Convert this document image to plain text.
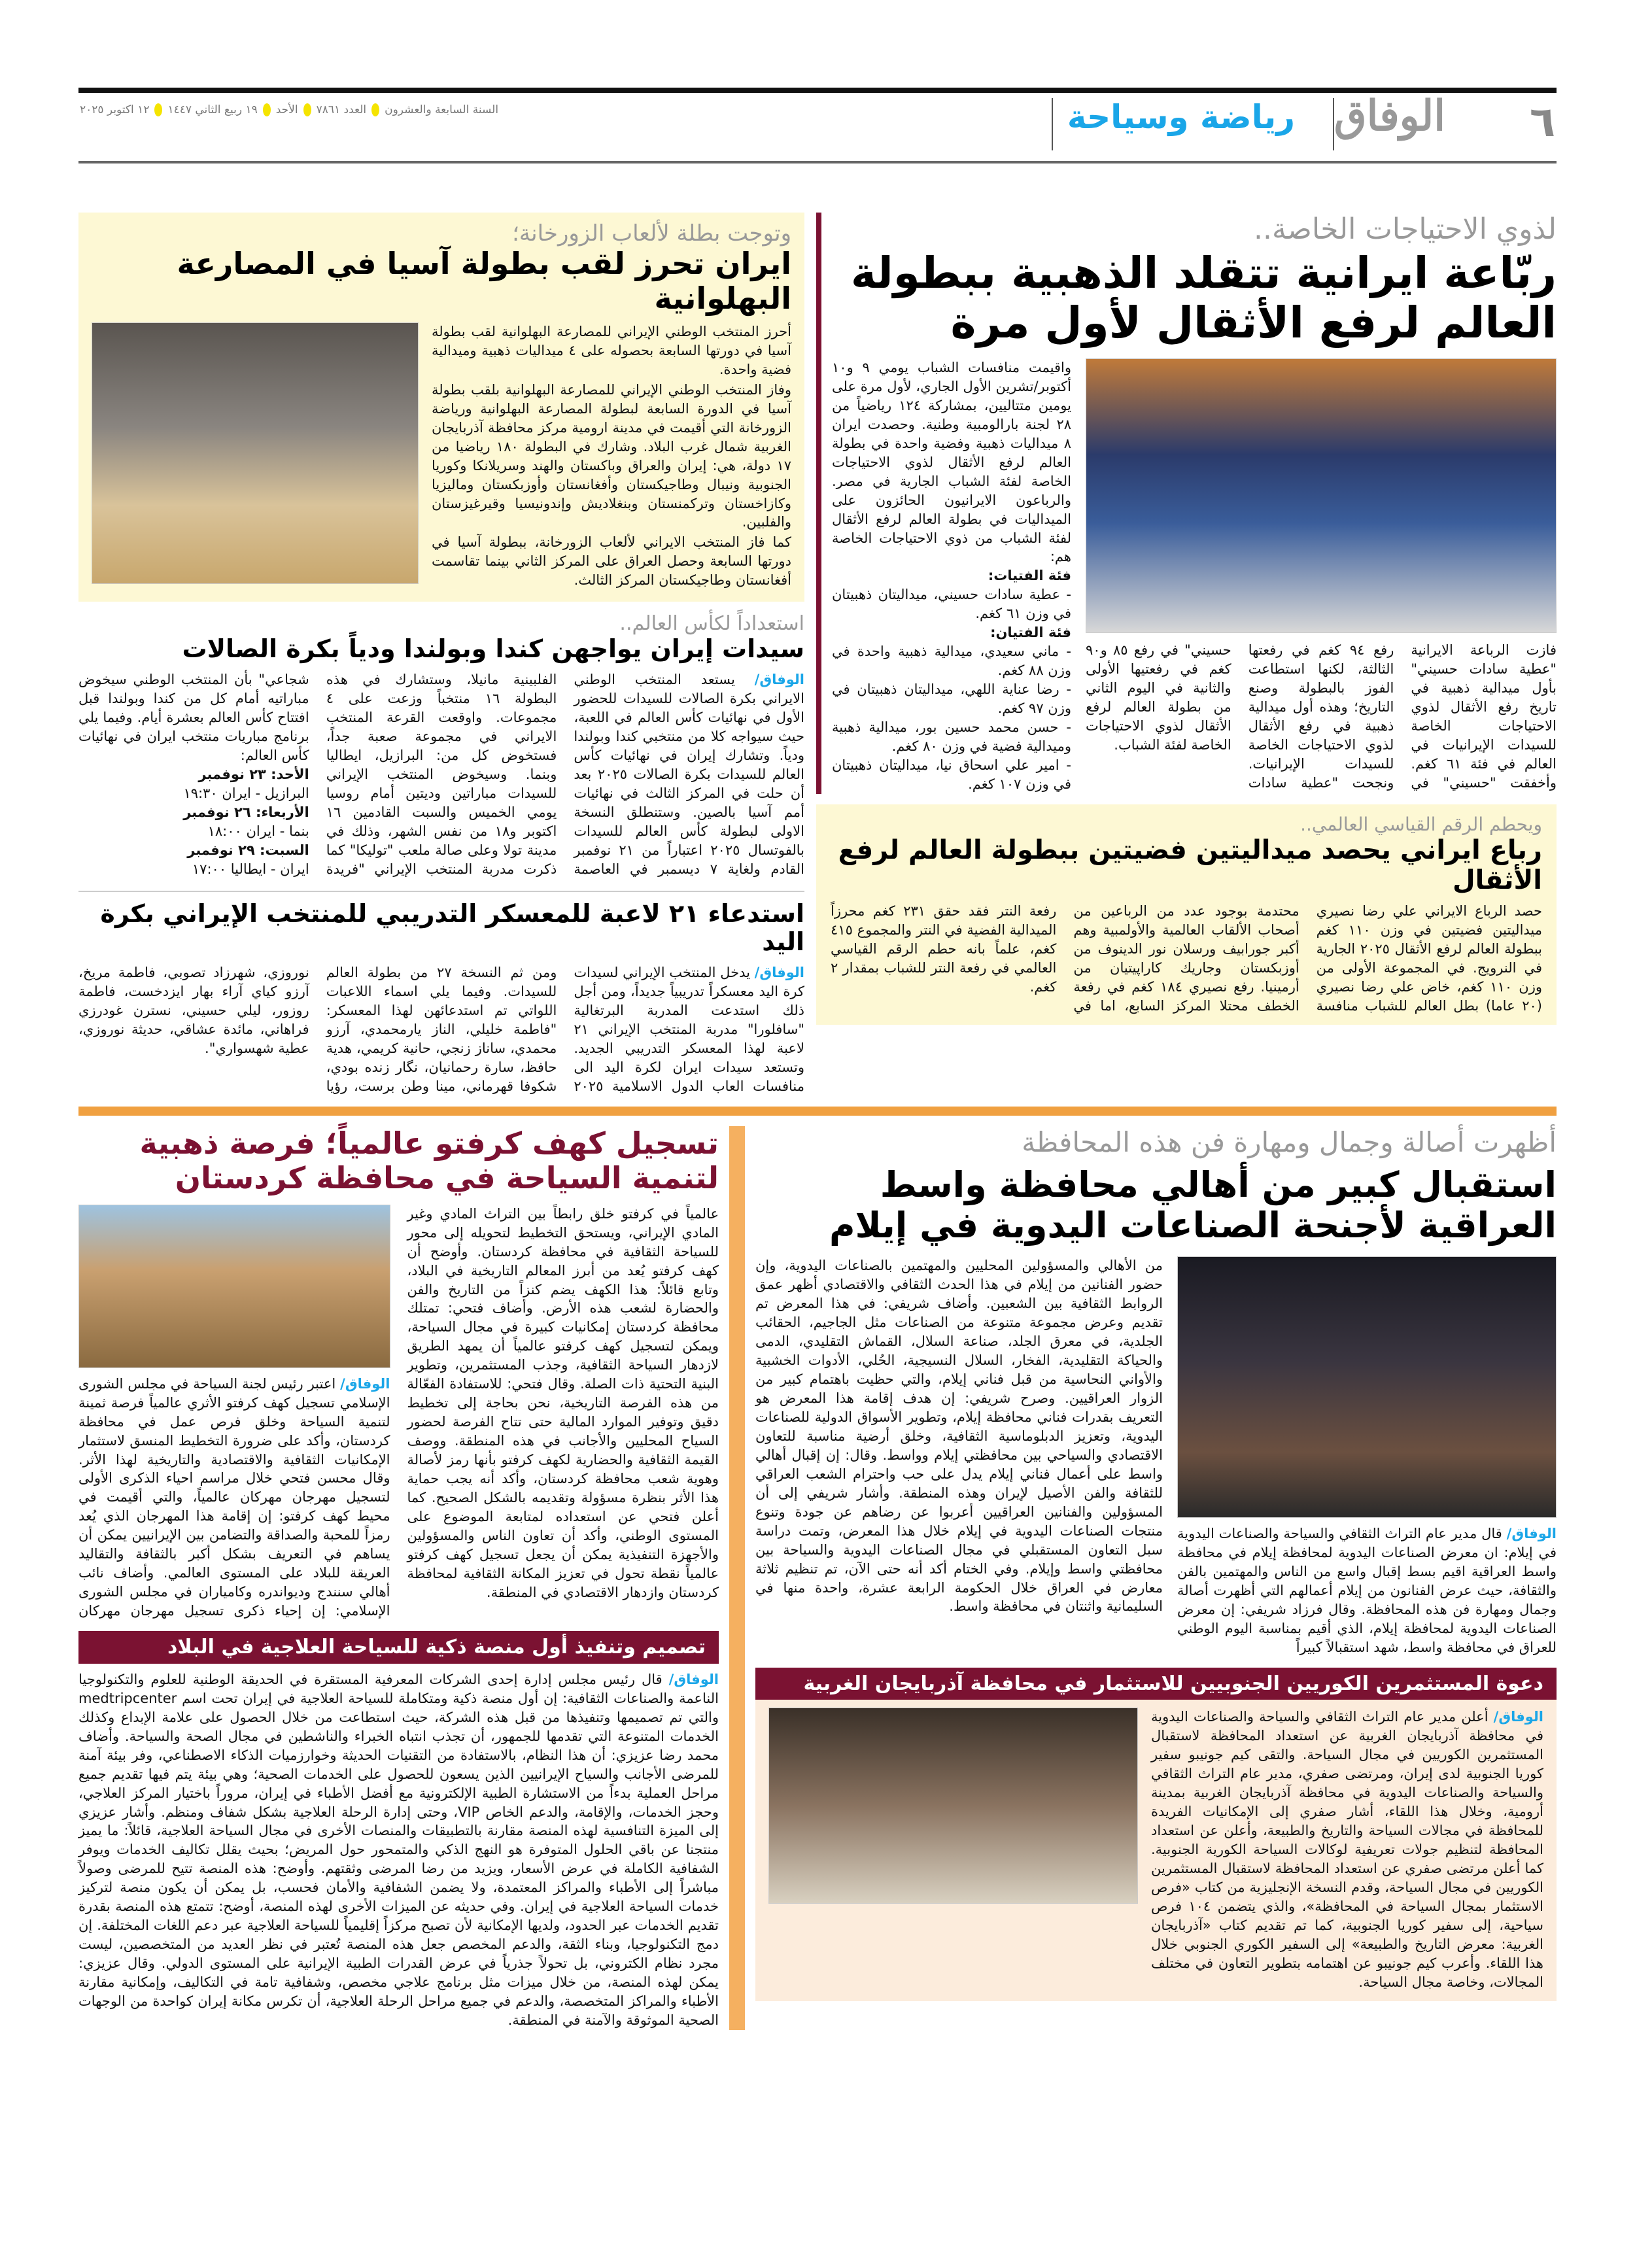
٦
الوفاق
رياضة وسياحة
السنة السابعة والعشرون
العدد ٧٨٦١
الأحد
١٩ ربيع الثاني ١٤٤٧
١٢ اكتوبر ٢٠٢٥
لذوي الاحتياجات الخاصة..
ربّاعة ايرانية تتقلد الذهبية ببطولة العالم لرفع الأثقال لأول مرة
فازت الرباعة الايرانية "عطية سادات حسيني" بأول ميدالية ذهبية في تاريخ رفع الأثقال لذوي الاحتياجات الخاصة للسيدات الإيرانيات في العالم في فئة ٦١ كغم. وأخفقت "حسيني" في رفع ٩٤ كغم في رفعتها الثالثة، لكنها استطاعت الفوز بالبطولة وصنع التاريخ؛ وهذه أول ميدالية ذهبية في رفع الأثقال لذوي الاحتياجات الخاصة للسيدات الإيرانيات. ونجحت "عطية سادات حسيني" في رفع ٨٥ و٩٠ كغم في رفعتيها الأولى والثانية في اليوم الثاني من بطولة العالم لرفع الأثقال لذوي الاحتياجات الخاصة لفئة الشباب.
واقيمت منافسات الشباب يومي ٩ و١٠ أكتوبر/تشرين الأول الجاري، لأول مرة على يومين متتاليين، بمشاركة ١٢٤ رياضياً من ٢٨ لجنة بارالومبية وطنية. وحصدت ايران ٨ ميداليات ذهبية وفضية واحدة في بطولة العالم لرفع الأثقال لذوي الاحتياجات الخاصة لفئة الشباب الجارية في مصر. والرباعون الايرانيون الحائزون على الميداليات في بطولة العالم لرفع الأثقال لفئة الشباب من ذوي الاحتياجات الخاصة هم:
فئة الفتيات:
- عطية سادات حسيني، ميداليتان ذهبيتان في وزن ٦١ كغم.
فئة الفتيان:
- ماني سعيدي، ميدالية ذهبية واحدة في وزن ٨٨ كغم.
- رضا عناية اللهي، ميداليتان ذهبيتان في وزن ٩٧ كغم.
- حسن محمد حسين بور، ميدالية ذهبية وميدالية فضية في وزن ٨٠ كغم.
- امير علي اسحاق نيا، ميداليتان ذهبيتان في وزن ١٠٧ كغم.
ويحطم الرقم القياسي العالمي..
رباع ايراني يحصد ميداليتين فضيتين ببطولة العالم لرفع الأثقال
حصد الرباع الايراني علي رضا نصيري ميداليتين فضيتين في وزن ١١٠ كغم ببطولة العالم لرفع الأثقال ٢٠٢٥ الجارية في النرويج. في المجموعة الأولى من وزن ١١٠ كغم، خاض علي رضا نصيري (٢٠ عاما) بطل العالم للشباب منافسة محتدمة بوجود عدد من الرباعين من أصحاب الألقاب العالمية والأولمبية وهم أكبر جورابيف ورسلان نور الدينوف من أوزبكستان وجاريك كاراپيتيان من أرمينيا. رفع نصيري ١٨٤ كغم في رفعة الخطف محتلا المركز السابع، اما في رفعة النتر فقد حقق ٢٣١ كغم محرزاً الميدالية الفضية في النتر والمجموع ٤١٥ كغم، علماً بانه حطم الرقم القياسي العالمي في رفعة النتر للشباب بمقدار ٢ كغم.
وتوجت بطلة لألعاب الزورخانة؛
ايران تحرز لقب بطولة آسيا في المصارعة البهلوانية

أحرز المنتخب الوطني الإيراني للمصارعة البهلوانية لقب بطولة آسيا في دورتها السابعة بحصوله على ٤ ميداليات ذهبية وميدالية فضية واحدة.

وفاز المنتخب الوطني الإيراني للمصارعة البهلوانية بلقب بطولة آسيا في الدورة السابعة لبطولة المصارعة البهلوانية ورياضة الزورخانة التي أقيمت في مدينة ارومية مركز محافظة آذربايجان الغربية شمال غرب البلاد. وشارك في البطولة ١٨٠ رياضيا من ١٧ دولة، هي: إيران والعراق وباكستان والهند وسريلانكا وكوريا الجنوبية ونيبال وطاجيكستان وأفغانستان وأوزبكستان وماليزيا وكازاخستان وتركمنستان وبنغلاديش وإندونيسيا وقيرغيزستان والفلبين.

كما فاز المنتخب الايراني لألعاب الزورخانة، ببطولة آسيا في دورتها السابعة وحصل العراق على المركز الثاني بينما تقاسمت أفغانستان وطاجيكستان المركز الثالث.

استعداداً لكأس العالم..
سيدات إيران يواجهن كندا وبولندا ودياً بكرة الصالات
الوفاق/ يستعد المنتخب الوطني الايراني بكرة الصالات للسيدات للحضور الأول في نهائيات كأس العالم في اللعبة، حيث سيواجه كلا من منتخبي كندا وبولندا ودياً. وتشارك إيران في نهائيات كأس العالم للسيدات بكرة الصالات ٢٠٢٥ بعد أن حلت في المركز الثالث في نهائيات أمم آسيا بالصين. وستنطلق النسخة الاولى لبطولة كأس العالم للسيدات بالفوتسال ٢٠٢٥ اعتباراً من ٢١ نوفمبر القادم ولغاية ٧ ديسمبر في العاصمة الفلبينية مانيلا، وستشارك في هذه البطولة ١٦ منتخباً وزعت على ٤ مجموعات. واوقعت القرعة المنتخب الايراني في مجموعة صعبة جداً، فستخوض كل من: البرازيل، ايطاليا وبنما. وسيخوض المنتخب الإيراني للسيدات مباراتين وديتين أمام روسيا يومي الخميس والسبت القادمين ١٦ اكتوبر و١٨ من نفس الشهر، وذلك في مدينة تولا وعلى صالة ملعب "توليكا" كما ذكرت مدربة المنتخب الإيراني "فريدة شجاعي" بأن المنتخب الوطني سيخوض مباراتيه أمام كل من كندا وبولندا قبل افتتاح كأس العالم بعشرة أيام. وفيما يلي برنامج مباريات منتخب ايران في نهائيات كأس العالم:
الأحد: ٢٣ نوفمبر
البرازيل - ايران ١٩:٣٠
الأربعاء: ٢٦ نوفمبر
بنما - ايران ١٨:٠٠
السبت: ٢٩ نوفمبر
ايران - ايطاليا ١٧:٠٠
استدعاء ٢١ لاعبة للمعسكر التدريبي للمنتخب الإيراني بكرة اليد
الوفاق/ يدخل المنتخب الإيراني لسيدات كرة اليد معسكراً تدريبياً جديداً، ومن أجل ذلك استدعت المدربة البرتغالية "سافلورا" مدربة المنتخب الإيراني ٢١ لاعبة لهذا المعسكر التدريبي الجديد. وتستعد سيدات ايران لكرة اليد الى منافسات العاب الدول الاسلامية ٢٠٢٥ ومن ثم النسخة ٢٧ من بطولة العالم للسيدات. وفيما يلي اسماء اللاعبات اللواتي تم استدعائهن لهذا المعسكر: "فاطمة خليلي، الناز يارمحمدي، آرزو محمدي، ساناز زنجي، حانية كريمي، هدية حافظ، سارة رحمانيان، نگار زنده بودي، شكوفا قهرماني، مينا وطن برست، رؤيا نوروزي، شهرزاد تصوبي، فاطمة مريخ، آرزو كياي آراء بهار ايزدخست، فاطمة روزور، ليلي حسيني، نسترن غودرزي فراهاني، مائدة عشاقي، حديثة نوروزي، عطية شهسواري".
أظهرت أصالة وجمال ومهارة فن هذه المحافظة
استقبال كبير من أهالي محافظة واسط العراقية لأجنحة الصناعات اليدوية في إيلام
الوفاق/ قال مدير عام التراث الثقافي والسياحة والصناعات اليدوية في إيلام: ان معرض الصناعات اليدوية لمحافظة إيلام في محافظة واسط العراقية اقيم بسط إقبال واسع من الناس والمهتمين بالفن والثقافة، حيث عرض الفنانون من إيلام أعمالهم التي أظهرت أصالة وجمال ومهارة فن هذه المحافظة. وقال فرزاد شريفي: إن معرض الصناعات اليدوية لمحافظة إيلام، الذي أقيم بمناسبة اليوم الوطني للعراق في محافظة واسط، شهد استقبالاً كبيراً
من الأهالي والمسؤولين المحليين والمهتمين بالصناعات اليدوية، وإن حضور الفنانين من إيلام في هذا الحدث الثقافي والاقتصادي أظهر عمق الروابط الثقافية بين الشعبين. وأضاف شريفي: في هذا المعرض تم تقديم وعرض مجموعة متنوعة من الصناعات مثل الجاجيم، الحقائب الجلدية، في معرق الجلد، صناعة السلال، القماش التقليدي، الدمى والحياكة التقليدية، الفخار، السلال النسيجية، الحُلي، الأدوات الخشبية والأواني النحاسية من قبل فناني إيلام، والتي حظيت باهتمام كبير من الزوار العراقيين. وصرح شريفي: إن هدف إقامة هذا المعرض هو التعريف بقدرات فناني محافظة إيلام، وتطوير الأسواق الدولية للصناعات اليدوية، وتعزيز الدبلوماسية الثقافية، وخلق أرضية مناسبة للتعاون الاقتصادي والسياحي بين محافظتي إيلام وواسط. وقال: إن إقبال أهالي واسط على أعمال فناني إيلام يدل على حب واحترام الشعب العراقي للثقافة والفن الأصيل لإيران وهذه المنطقة. وأشار شريفي إلى أن المسؤولين والفنانين العراقيين أعربوا عن رضاهم عن جودة وتنوع منتجات الصناعات اليدوية في إيلام خلال هذا المعرض، وتمت دراسة سبل التعاون المستقبلي في مجال الصناعات اليدوية والسياحة بين محافظتي واسط وإيلام. وفي الختام أكد أنه حتى الآن، تم تنظيم ثلاثة معارض في العراق خلال الحكومة الرابعة عشرة، واحدة منها في السليمانية واثنتان في محافظة واسط.
دعوة المستثمرين الكوريين الجنوبيين للاستثمار في محافظة آذربايجان الغربية
الوفاق/ أعلن مدير عام التراث الثقافي والسياحة والصناعات اليدوية في محافظة آذربايجان الغربية عن استعداد المحافظة لاستقبال المستثمرين الكوريين في مجال السياحة. والتقى كيم جونيبو سفير كوريا الجنوبية لدى إيران، ومرتضى صفري، مدير عام التراث الثقافي والسياحة والصناعات اليدوية في محافظة آذربايجان الغربية بمدينة أرومية، وخلال هذا اللقاء، أشار صفري إلى الإمكانيات الفريدة للمحافظة في مجالات السياحة والتاريخ والطبيعة، وأعلن عن استعداد المحافظة لتنظيم جولات تعريفية لوكالات السياحة الكورية الجنوبية. كما أعلن مرتضى صفري عن استعداد المحافظة لاستقبال المستثمرين الكوريين في مجال السياحة، وقدم النسخة الإنجليزية من كتاب «فرص الاستثمار بمجال السياحة في المحافظة»، والذي يتضمن ١٠٤ فرص سياحية، إلى سفير كوريا الجنوبية، كما تم تقديم كتاب «آذربايجان الغربية: معرض التاريخ والطبيعة» إلى السفير الكوري الجنوبي خلال هذا اللقاء. وأعرب كيم جونيبو عن اهتمامه بتطوير التعاون في مختلف المجالات، وخاصة مجال السياحة.
تسجيل كهف كرفتو عالمياً؛ فرصة ذهبية لتنمية السياحة في محافظة كردستان
الوفاق/ اعتبر رئيس لجنة السياحة في مجلس الشورى الإسلامي تسجيل كهف كرفتو الأثري عالمياً فرصة ثمينة لتنمية السياحة وخلق فرص عمل في محافظة كردستان، وأكد على ضرورة التخطيط المنسق لاستثمار الإمكانيات الثقافية والاقتصادية والتاريخية لهذا الأثر. وقال محسن فتحي خلال مراسم احياء الذكرى الأولى لتسجيل مهرجان مهركان عالمياً، والتي أقيمت في محيط كهف كرفتو: إن إقامة هذا المهرجان الذي يُعد رمزاً للمحبة والصداقة والتضامن بين الإيرانيين يمكن أن يساهم في التعريف بشكل أكبر بالثقافة والتقاليد العريقة للبلاد على المستوى العالمي. وأضاف نائب أهالي سنندج وديواندره وكامياران في مجلس الشورى الإسلامي: إن إحياء ذكرى تسجيل مهرجان مهركان عالمياً في كرفتو خلق رابطاً بين التراث المادي وغير المادي الإيراني، ويستحق التخطيط لتحويله إلى محور للسياحة الثقافية في محافظة كردستان. وأوضح أن كهف كرفتو يُعد من أبرز المعالم التاريخية في البلاد، وتابع قائلاً: هذا الكهف يضم كنزاً من التاريخ والفن والحضارة لشعب هذه الأرض. وأضاف فتحي: تمتلك محافظة كردستان إمكانيات كبيرة في مجال السياحة، ويمكن لتسجيل كهف كرفتو عالمياً أن يمهد الطريق لازدهار السياحة الثقافية، وجذب المستثمرين، وتطوير البنية التحتية ذات الصلة. وقال فتحي: للاستفادة الفعّالة من هذه الفرصة التاريخية، نحن بحاجة إلى تخطيط دقيق وتوفير الموارد المالية حتى تتاح الفرصة لحضور السياح المحليين والأجانب في هذه المنطقة. ووصف القيمة الثقافية والحضارية لكهف كرفتو بأنها رمز لأصالة وهوية شعب محافظة كردستان، وأكد أنه يجب حماية هذا الأثر بنظرة مسؤولة وتقديمه بالشكل الصحيح. كما أعلن فتحي عن استعداده لمتابعة الموضوع على المستوى الوطني، وأكد أن تعاون الناس والمسؤولين والأجهزة التنفيذية يمكن أن يجعل تسجيل كهف كرفتو عالمياً نقطة تحول في تعزيز المكانة الثقافية لمحافظة كردستان وازدهار الاقتصادي في المنطقة.
تصميم وتنفيذ أول منصة ذكية للسياحة العلاجية في البلاد
الوفاق/ قال رئيس مجلس إدارة إحدى الشركات المعرفية المستقرة في الحديقة الوطنية للعلوم والتكنولوجيا الناعمة والصناعات الثقافية: إن أول منصة ذكية ومتكاملة للسياحة العلاجية في إيران تحت اسم medtripcenter والتي تم تصميمها وتنفيذها من قبل هذه الشركة، حيث استطاعت من خلال الحصول على علامة الإبداع وكذلك الخدمات المتنوعة التي تقدمها للجمهور، أن تجذب انتباه الخبراء والناشطين في مجال الصحة والسياحة. وأضاف محمد رضا عزيزي: أن هذا النظام، بالاستفادة من التقنيات الحديثة وخوارزميات الذكاء الاصطناعي، وفر بيئة آمنة للمرضى الأجانب والسياح الإيرانيين الذين يسعون للحصول على الخدمات الصحية؛ وهي بيئة يتم فيها تقديم جميع مراحل العملية بدءاً من الاستشارة الطبية الإلكترونية مع أفضل الأطباء في إيران، مروراً باختيار المركز العلاجي، وحجز الخدمات، والإقامة، والدعم الخاص VIP، وحتى إدارة الرحلة العلاجية بشكل شفاف ومنظم. وأشار عزيزي إلى الميزة التنافسية لهذه المنصة مقارنة بالتطبيقات والمنصات الأخرى في مجال السياحة العلاجية، قائلاً: ما يميز منتجنا عن باقي الحلول المتوفرة هو النهج الذكي والمتمحور حول المريض؛ بحيث يقلل تكاليف الخدمات ويوفر الشفافية الكاملة في عرض الأسعار، ويزيد من رضا المرضى وثقتهم. وأوضح: هذه المنصة تتيح للمرضى وصولاً مباشراً إلى الأطباء والمراكز المعتمدة، ولا يضمن الشفافية والأمان فحسب، بل يمكن أن يكون منصة لتركيز خدمات السياحة العلاجية في إيران. وفي حديثه عن الميزات الأخرى لهذه المنصة، أوضح: تتمتع هذه المنصة بقدرة تقديم الخدمات عبر الحدود، ولديها الإمكانية لأن تصبح مركزاً إقليمياً للسياحة العلاجية عبر دعم اللغات المختلفة. إن دمج التكنولوجيا، وبناء الثقة، والدعم المخصص جعل هذه المنصة تُعتبر في نظر العديد من المتخصصين، ليست مجرد نظام الكتروني، بل تحولاً جذرياً في عرض القدرات الطبية الإيرانية على المستوى الدولي. وقال عزيزي: يمكن لهذه المنصة، من خلال ميزات مثل برنامج علاجي مخصص، وشفافية تامة في التكاليف، وإمكانية مقارنة الأطباء والمراكز المتخصصة، والدعم في جميع مراحل الرحلة العلاجية، أن تكرس مكانة إيران كواحدة من الوجهات الصحية الموثوقة والآمنة في المنطقة.
